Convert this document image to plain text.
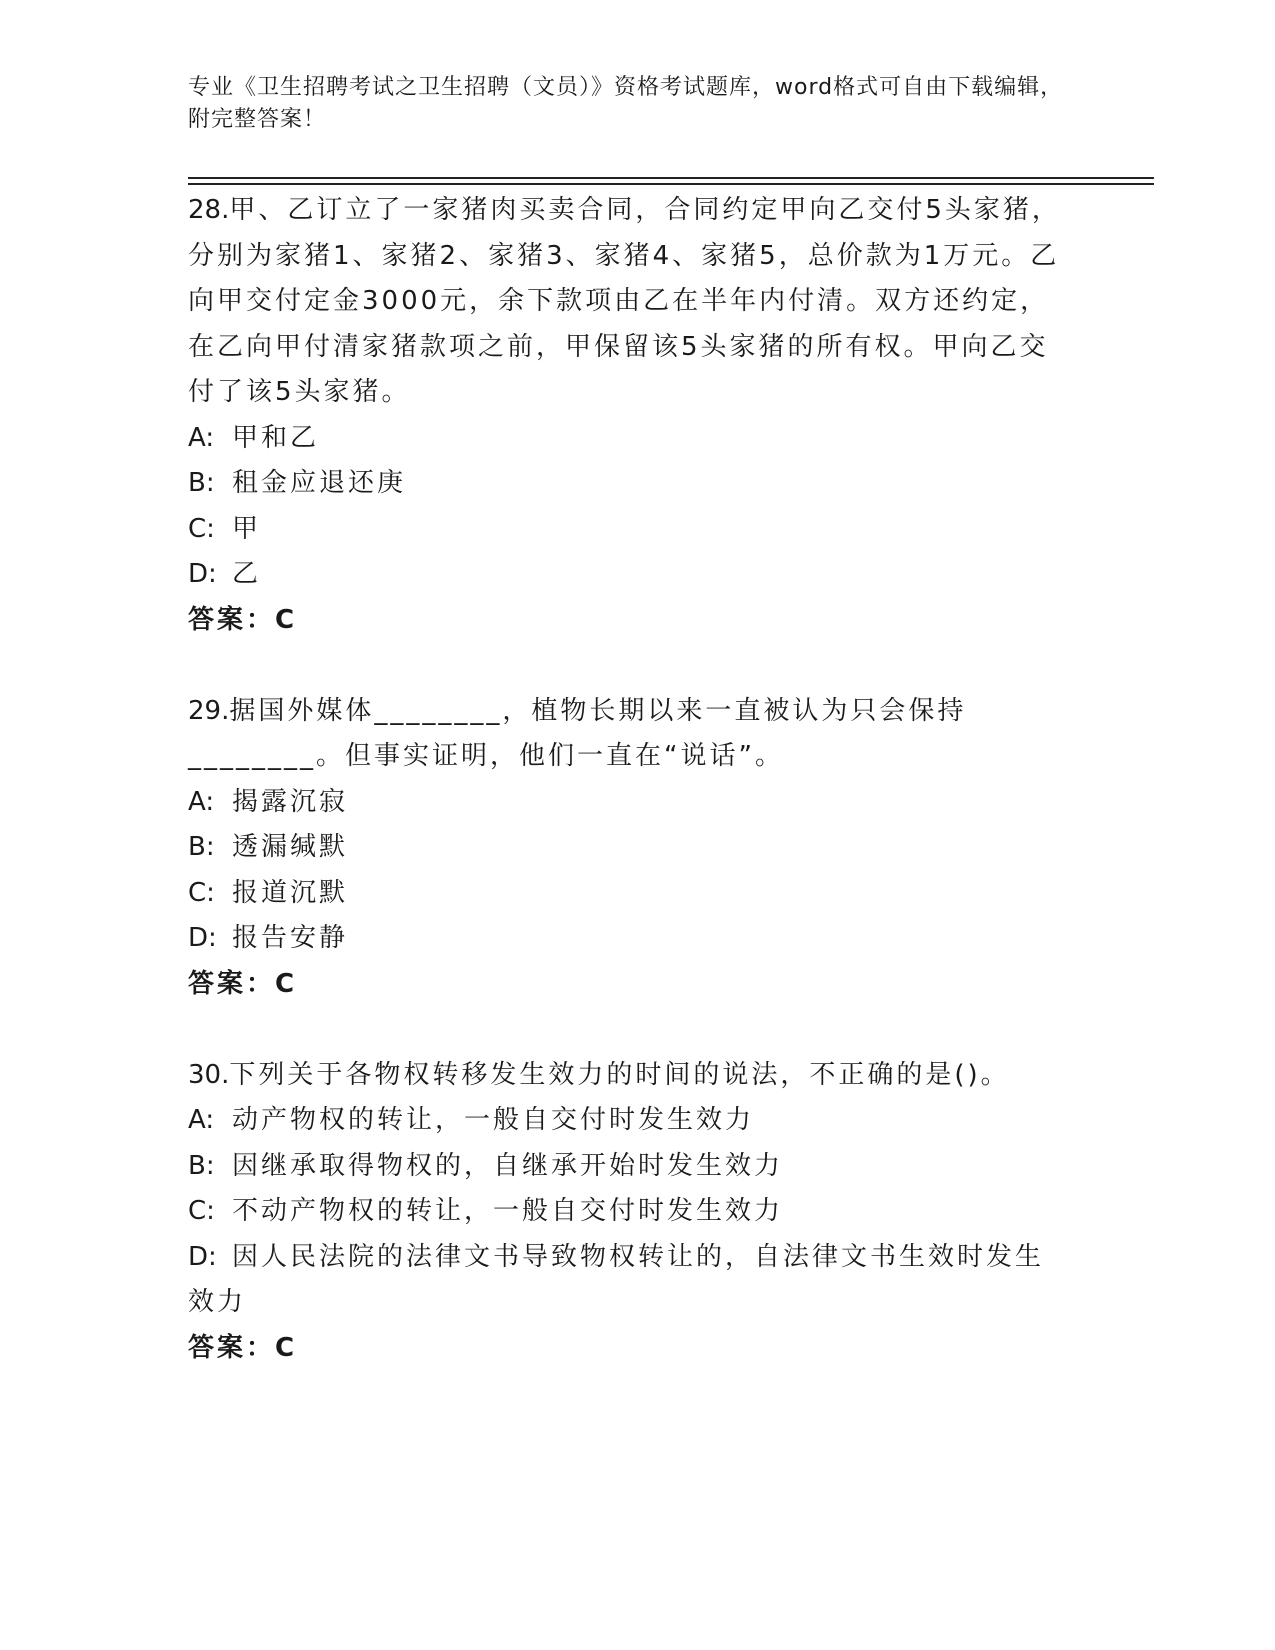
专业《卫生招聘考试之卫生招聘（文员）》资格考试题库，word格式可自由下载编辑，附完整答案！
28.甲、乙订立了一家猪肉买卖合同，合同约定甲向乙交付5头家猪，分别为家猪1、家猪2、家猪3、家猪4、家猪5，总价款为1万元。乙向甲交付定金3000元，余下款项由乙在半年内付清。双方还约定，在乙向甲付清家猪款项之前，甲保留该5头家猪的所有权。甲向乙交付了该5头家猪。
A: 甲和乙
B: 租金应退还庚
C: 甲
D: 乙
答案：C
29.据国外媒体________，植物长期以来一直被认为只会保持________。但事实证明，他们一直在“说话”。
A: 揭露沉寂
B: 透漏缄默
C: 报道沉默
D: 报告安静
答案：C
30.下列关于各物权转移发生效力的时间的说法，不正确的是()。
A: 动产物权的转让，一般自交付时发生效力
B: 因继承取得物权的，自继承开始时发生效力
C: 不动产物权的转让，一般自交付时发生效力
D: 因人民法院的法律文书导致物权转让的，自法律文书生效时发生效力
答案：C
